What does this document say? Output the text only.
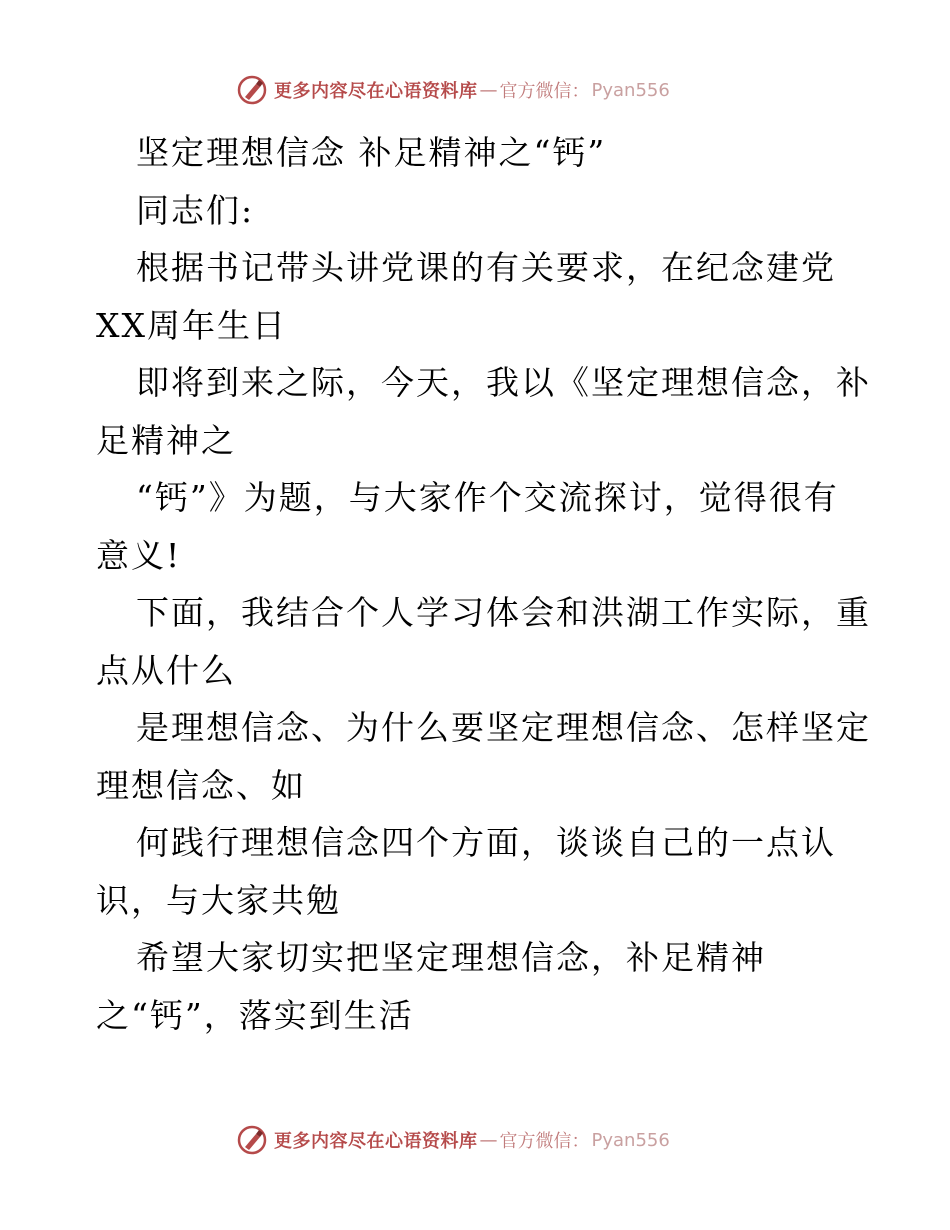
更多内容尽在心语资料库 — 官方微信： Pyan556
坚定理想信念 补足精神之“钙”
同志们:
根据书记带头讲党课的有关要求，在纪念建党
XX周年生日
即将到来之际，今天，我以《坚定理想信念，补
足精神之
“钙”》为题，与大家作个交流探讨，觉得很有
意义!
下面，我结合个人学习体会和洪湖工作实际，重
点从什么
是理想信念、为什么要坚定理想信念、怎样坚定
理想信念、如
何践行理想信念四个方面，谈谈自己的一点认
识，与大家共勉
希望大家切实把坚定理想信念，补足精神
之“钙”，落实到生活
更多内容尽在心语资料库 — 官方微信： Pyan556
